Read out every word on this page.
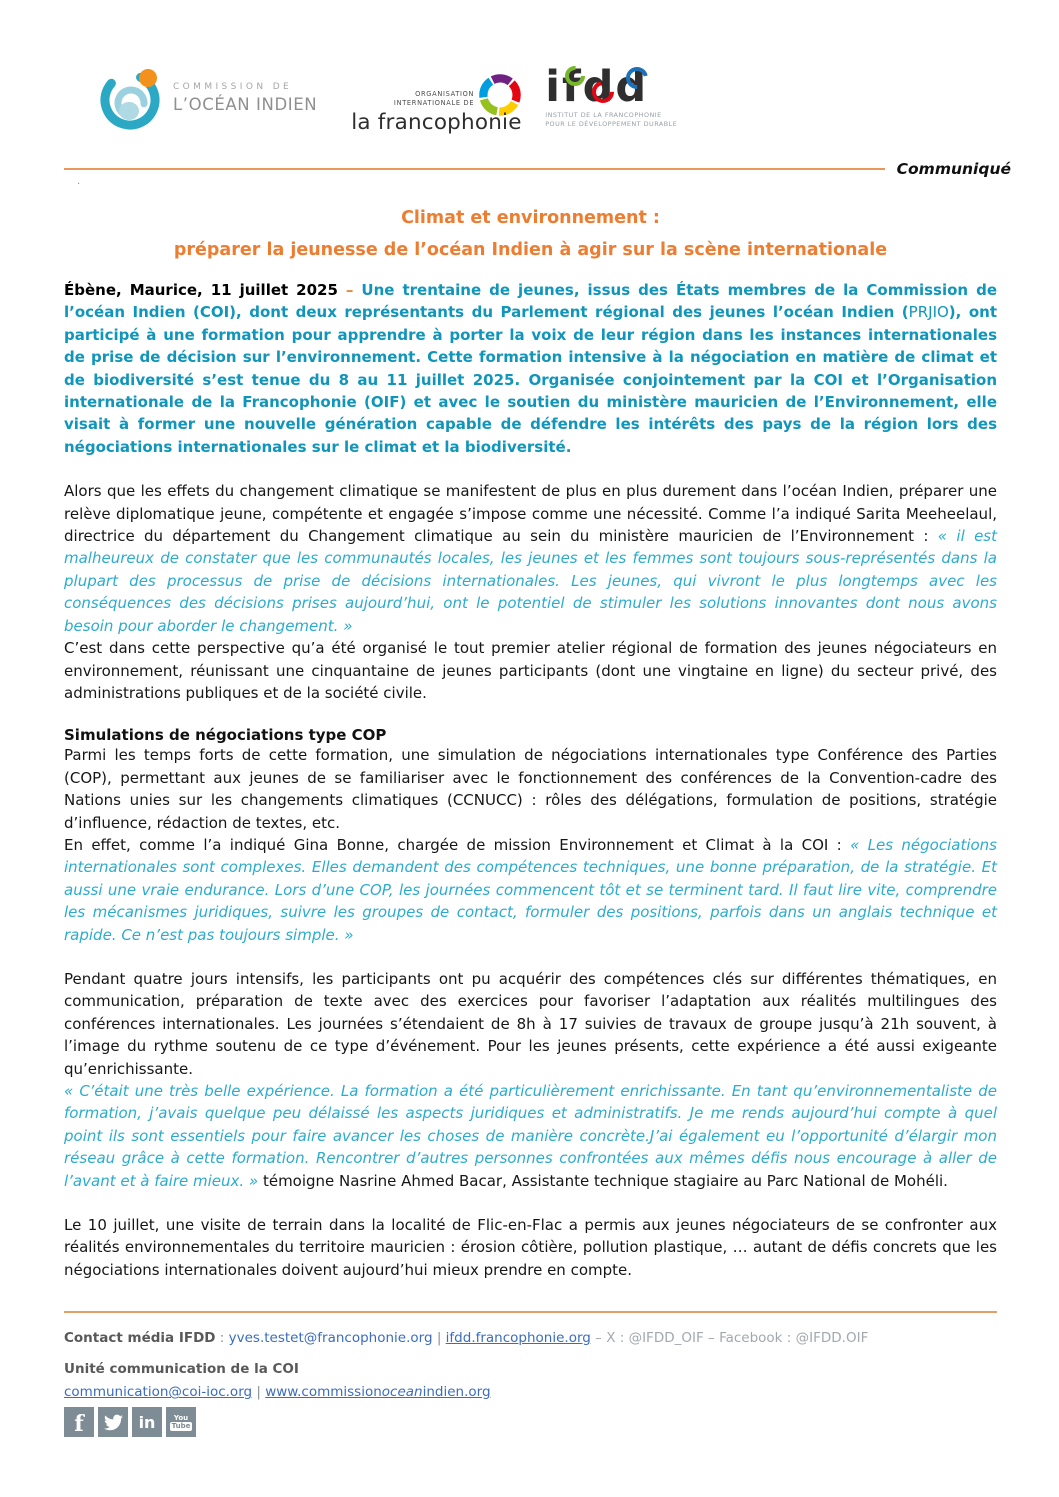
COMMISSION DE
L’OCÉAN INDIEN
ORGANISATION
INTERNATIONALE DE
la francophonie
ifdd
INSTITUT DE LA FRANCOPHONIE
POUR LE DÉVELOPPEMENT DURABLE
Communiqué
.
Climat et environnement :
préparer la jeunesse de l’océan Indien à agir sur la scène internationale

Ébène, Maurice, 11 juillet 2025 – Une trentaine de jeunes, issus des États membres de la Commission de l’océan Indien (COI), dont deux représentants du Parlement régional des jeunes l’océan Indien (PRJIO), ont participé à une formation pour apprendre à porter la voix de leur région dans les instances internationales de prise de décision sur l’environnement. Cette formation intensive à la négociation en matière de climat et de biodiversité s’est tenue du 8 au 11 juillet 2025. Organisée conjointement par la COI et l’Organisation internationale de la Francophonie (OIF) et avec le soutien du ministère mauricien de l’Environnement, elle visait à former une nouvelle génération capable de défendre les intérêts des pays de la région lors des négociations internationales sur le climat et la biodiversité.

Alors que les effets du changement climatique se manifestent de plus en plus durement dans l’océan Indien, préparer une relève diplomatique jeune, compétente et engagée s’impose comme une nécessité. Comme l’a indiqué Sarita Meeheelaul, directrice du département du Changement climatique au sein du ministère mauricien de l’Environnement : « il est malheureux de constater que les communautés locales, les jeunes et les femmes sont toujours sous-représentés dans la plupart des processus de prise de décisions internationales. Les jeunes, qui vivront le plus longtemps avec les conséquences des décisions prises aujourd’hui, ont le potentiel de stimuler les solutions innovantes dont nous avons besoin pour aborder le changement. »

C’est dans cette perspective qu’a été organisé le tout premier atelier régional de formation des jeunes négociateurs en environnement, réunissant une cinquantaine de jeunes participants (dont une vingtaine en ligne) du secteur privé, des administrations publiques et de la société civile.

Simulations de négociations type COP

Parmi les temps forts de cette formation, une simulation de négociations internationales type Conférence des Parties (COP), permettant aux jeunes de se familiariser avec le fonctionnement des conférences de la Convention-cadre des Nations unies sur les changements climatiques (CCNUCC) : rôles des délégations, formulation de positions, stratégie d’influence, rédaction de textes, etc.

En effet, comme l’a indiqué Gina Bonne, chargée de mission Environnement et Climat à la COI : « Les négociations internationales sont complexes. Elles demandent des compétences techniques, une bonne préparation, de la stratégie. Et aussi une vraie endurance. Lors d’une COP, les journées commencent tôt et se terminent tard. Il faut lire vite, comprendre les mécanismes juridiques, suivre les groupes de contact, formuler des positions, parfois dans un anglais technique et rapide. Ce n’est pas toujours simple. »

Pendant quatre jours intensifs, les participants ont pu acquérir des compétences clés sur différentes thématiques, en communication, préparation de texte avec des exercices pour favoriser l’adaptation aux réalités multilingues des conférences internationales. Les journées s’étendaient de 8h à 17 suivies de travaux de groupe jusqu’à 21h souvent, à l’image du rythme soutenu de ce type d’événement. Pour les jeunes présents, cette expérience a été aussi exigeante qu’enrichissante.

« C’était une très belle expérience. La formation a été particulièrement enrichissante. En tant qu’environnementaliste de formation, j’avais quelque peu délaissé les aspects juridiques et administratifs. Je me rends aujourd’hui compte à quel point ils sont essentiels pour faire avancer les choses de manière concrète.J’ai également eu l’opportunité d’élargir mon réseau grâce à cette formation. Rencontrer d’autres personnes confrontées aux mêmes défis nous encourage à aller de l’avant et à faire mieux. » témoigne Nasrine Ahmed Bacar, Assistante technique stagiaire au Parc National de Mohéli.

Le 10 juillet, une visite de terrain dans la localité de Flic-en-Flac a permis aux jeunes négociateurs de se confronter aux réalités environnementales du territoire mauricien : érosion côtière, pollution plastique, … autant de défis concrets que les négociations internationales doivent aujourd’hui mieux prendre en compte.

Contact média IFDD : yves.testet@francophonie.org | ifdd.francophonie.org – X : @IFDD_OIF – Facebook : @IFDD.OIF
Unité communication de la COI
communication@coi-ioc.org | www.commissionoceanindien.org
f	in	You
Tube
